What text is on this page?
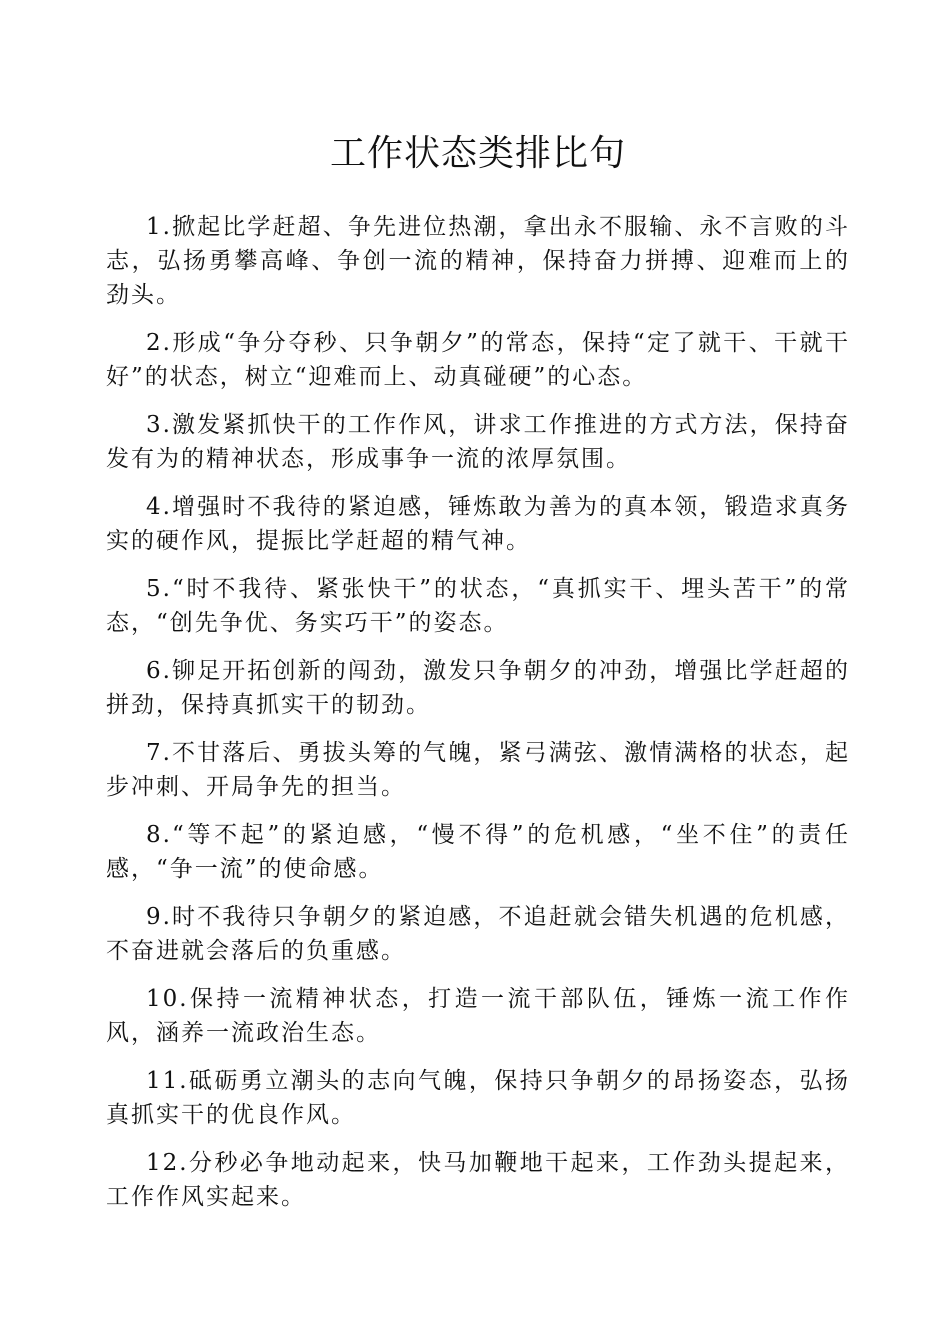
工作状态类排比句

1.掀起比学赶超、争先进位热潮，拿出永不服输、永不言败的斗志，弘扬勇攀高峰、争创一流的精神，保持奋力拼搏、迎难而上的劲头。

2.形成“争分夺秒、只争朝夕”的常态，保持“定了就干、干就干好”的状态，树立“迎难而上、动真碰硬”的心态。

3.激发紧抓快干的工作作风，讲求工作推进的方式方法，保持奋发有为的精神状态，形成事争一流的浓厚氛围。

4.增强时不我待的紧迫感，锤炼敢为善为的真本领，锻造求真务实的硬作风，提振比学赶超的精气神。

5.“时不我待、紧张快干”的状态，“真抓实干、埋头苦干”的常态，“创先争优、务实巧干”的姿态。

6.铆足开拓创新的闯劲，激发只争朝夕的冲劲，增强比学赶超的拼劲，保持真抓实干的韧劲。

7.不甘落后、勇拔头筹的气魄，紧弓满弦、激情满格的状态，起步冲刺、开局争先的担当。

8.“等不起”的紧迫感，“慢不得”的危机感，“坐不住”的责任感，“争一流”的使命感。

9.时不我待只争朝夕的紧迫感，不追赶就会错失机遇的危机感，不奋进就会落后的负重感。

10.保持一流精神状态，打造一流干部队伍，锤炼一流工作作风，涵养一流政治生态。

11.砥砺勇立潮头的志向气魄，保持只争朝夕的昂扬姿态，弘扬真抓实干的优良作风。

12.分秒必争地动起来，快马加鞭地干起来，工作劲头提起来，工作作风实起来。
